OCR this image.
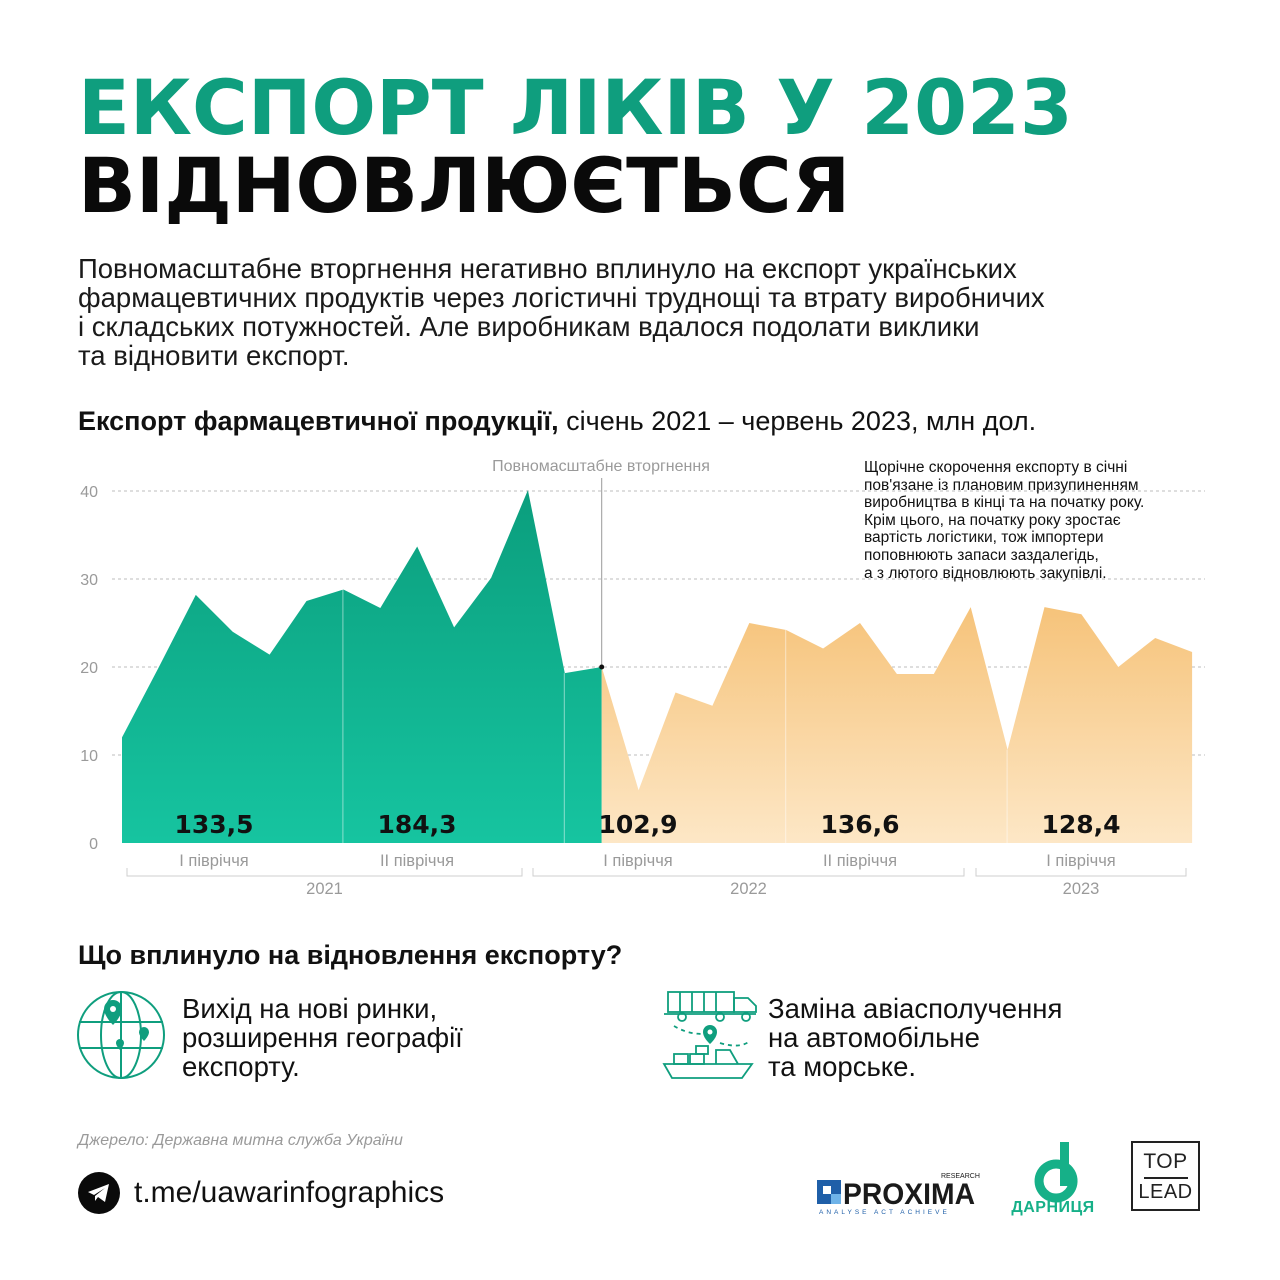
ЕКСПОРТ ЛІКІВ У 2023
ВІДНОВЛЮЄТЬСЯ
Повномасштабне вторгнення негативно вплинуло на експорт українських
фармацевтичних продуктів через логістичні труднощі та втрату виробничих
і складських потужностей. Але виробникам вдалося подолати виклики
та відновити експорт.
Експорт фармацевтичної продукції, січень 2021 – червень 2023, млн дол.
0
10
20
30
40
Повномасштабне вторгнення
133,5
І півріччя
184,3
ІІ півріччя
102,9
І півріччя
136,6
ІІ півріччя
128,4
І півріччя
2021	2022	2023
Щорічне скорочення експорту в січні
пов'язане із плановим призупиненням
виробництва в кінці та на початку року.
Крім цього, на початку року зростає
вартість логістики, тож імпортери
поповнюють запаси заздалегідь,
а з лютого відновлюють закупівлі.
Що вплинуло на відновлення експорту?
Вихід на нові ринки,
розширення географії
експорту.
Заміна авіасполучення
на автомобільне
та морське.
Джерело: Державна митна служба України
t.me/uawarinfographics	PROXIMA
RESEARCH
ANALYSE ACT ACHIEVE	ДАРНИЦЯ
TOP
LEAD
